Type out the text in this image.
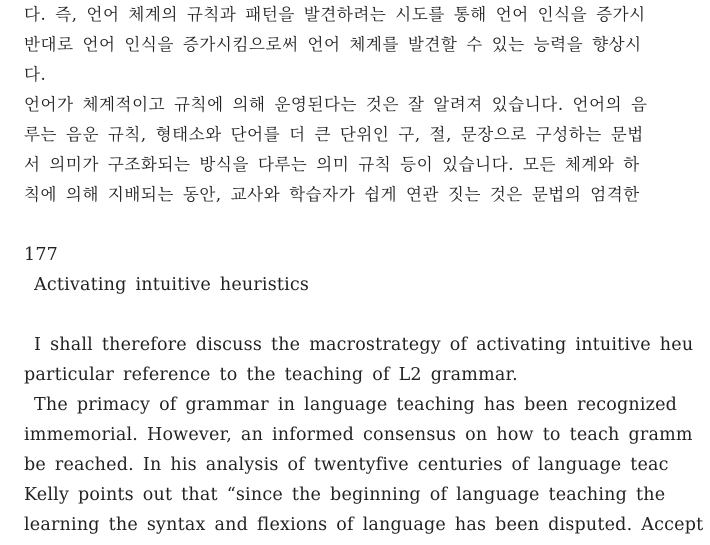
다. 즉, 언어 체계의 규칙과 패턴을 발견하려는 시도를 통해 언어 인식을 증가시
반대로 언어 인식을 증가시킴으로써 언어 체계를 발견할 수 있는 능력을 향상시
다.
언어가 체계적이고 규칙에 의해 운영된다는 것은 잘 알려져 있습니다. 언어의 음
루는 음운 규칙, 형태소와 단어를 더 큰 단위인 구, 절, 문장으로 구성하는 문법
서 의미가 구조화되는 방식을 다루는 의미 규칙 등이 있습니다. 모든 체계와 하
칙에 의해 지배되는 동안, 교사와 학습자가 쉽게 연관 짓는 것은 문법의 엄격한
177
Activating intuitive heuristics
I shall therefore discuss the macrostrategy of activating intuitive heu
particular reference to the teaching of L2 grammar.
The primacy of grammar in language teaching has been recognized
immemorial. However, an informed consensus on how to teach gramm
be reached. In his analysis of twentyfive centuries of language teac
Kelly points out that “since the beginning of language teaching the
learning the syntax and flexions of language has been disputed. Accept
